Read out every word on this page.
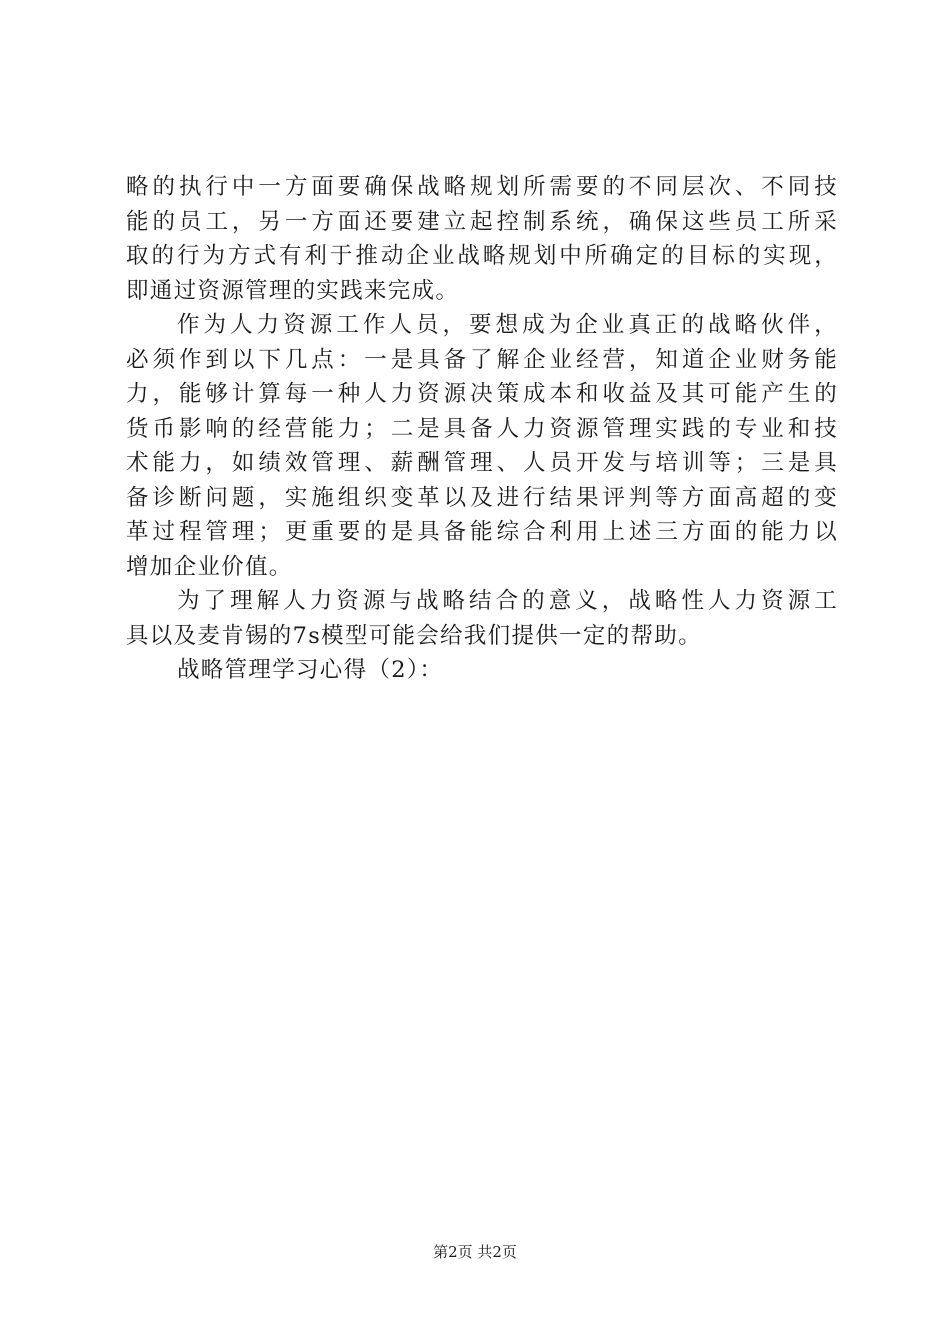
略的执行中一方面要确保战略规划所需要的不同层次、不同技
能的员工，另一方面还要建立起控制系统，确保这些员工所采
取的行为方式有利于推动企业战略规划中所确定的目标的实现，
即通过资源管理的实践来完成。
作为人力资源工作人员，要想成为企业真正的战略伙伴，
必须作到以下几点：一是具备了解企业经营，知道企业财务能
力，能够计算每一种人力资源决策成本和收益及其可能产生的
货币影响的经营能力；二是具备人力资源管理实践的专业和技
术能力，如绩效管理、薪酬管理、人员开发与培训等；三是具
备诊断问题，实施组织变革以及进行结果评判等方面高超的变
革过程管理；更重要的是具备能综合利用上述三方面的能力以
增加企业价值。
为了理解人力资源与战略结合的意义，战略性人力资源工
具以及麦肯锡的7s模型可能会给我们提供一定的帮助。
战略管理学习心得（2）：
第2页 共2页
